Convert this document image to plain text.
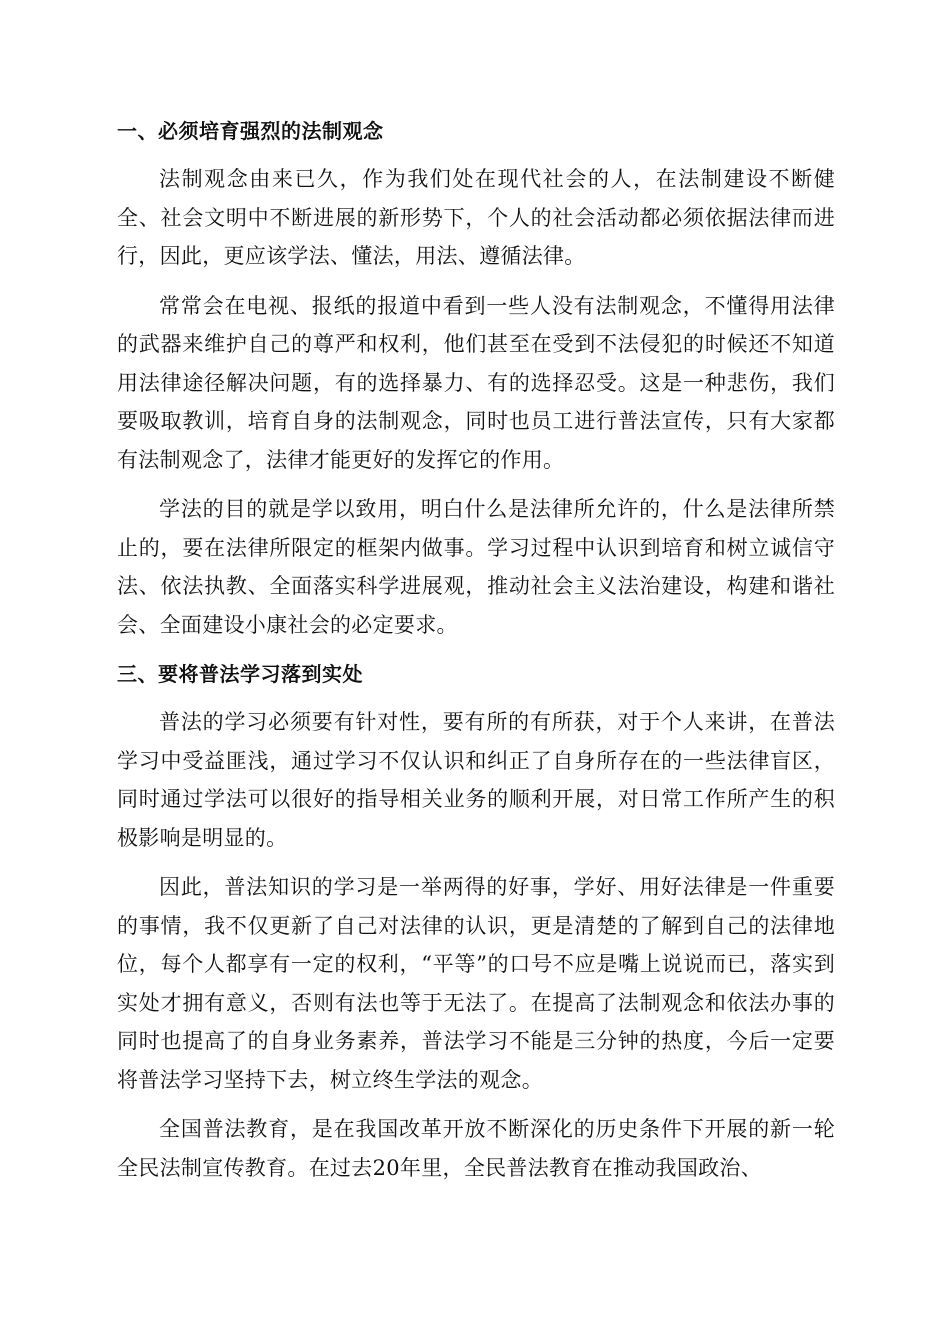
一、必须培育强烈的法制观念

法制观念由来已久，作为我们处在现代社会的人，在法制建设不断健全、社会文明中不断进展的新形势下，个人的社会活动都必须依据法律而进行，因此，更应该学法、懂法，用法、遵循法律。

常常会在电视、报纸的报道中看到一些人没有法制观念，不懂得用法律的武器来维护自己的尊严和权利，他们甚至在受到不法侵犯的时候还不知道用法律途径解决问题，有的选择暴力、有的选择忍受。这是一种悲伤，我们要吸取教训，培育自身的法制观念，同时也员工进行普法宣传，只有大家都有法制观念了，法律才能更好的发挥它的作用。

学法的目的就是学以致用，明白什么是法律所允许的，什么是法律所禁止的，要在法律所限定的框架内做事。学习过程中认识到培育和树立诚信守法、依法执教、全面落实科学进展观，推动社会主义法治建设，构建和谐社会、全面建设小康社会的必定要求。

三、要将普法学习落到实处

普法的学习必须要有针对性，要有所的有所获，对于个人来讲，在普法学习中受益匪浅，通过学习不仅认识和纠正了自身所存在的一些法律盲区，同时通过学法可以很好的指导相关业务的顺利开展，对日常工作所产生的积极影响是明显的。

因此，普法知识的学习是一举两得的好事，学好、用好法律是一件重要的事情，我不仅更新了自己对法律的认识，更是清楚的了解到自己的法律地位，每个人都享有一定的权利，“平等”的口号不应是嘴上说说而已，落实到实处才拥有意义，否则有法也等于无法了。在提高了法制观念和依法办事的同时也提高了的自身业务素养，普法学习不能是三分钟的热度，今后一定要将普法学习坚持下去，树立终生学法的观念。

全国普法教育，是在我国改革开放不断深化的历史条件下开展的新一轮全民法制宣传教育。在过去20年里，全民普法教育在推动我国政治、
